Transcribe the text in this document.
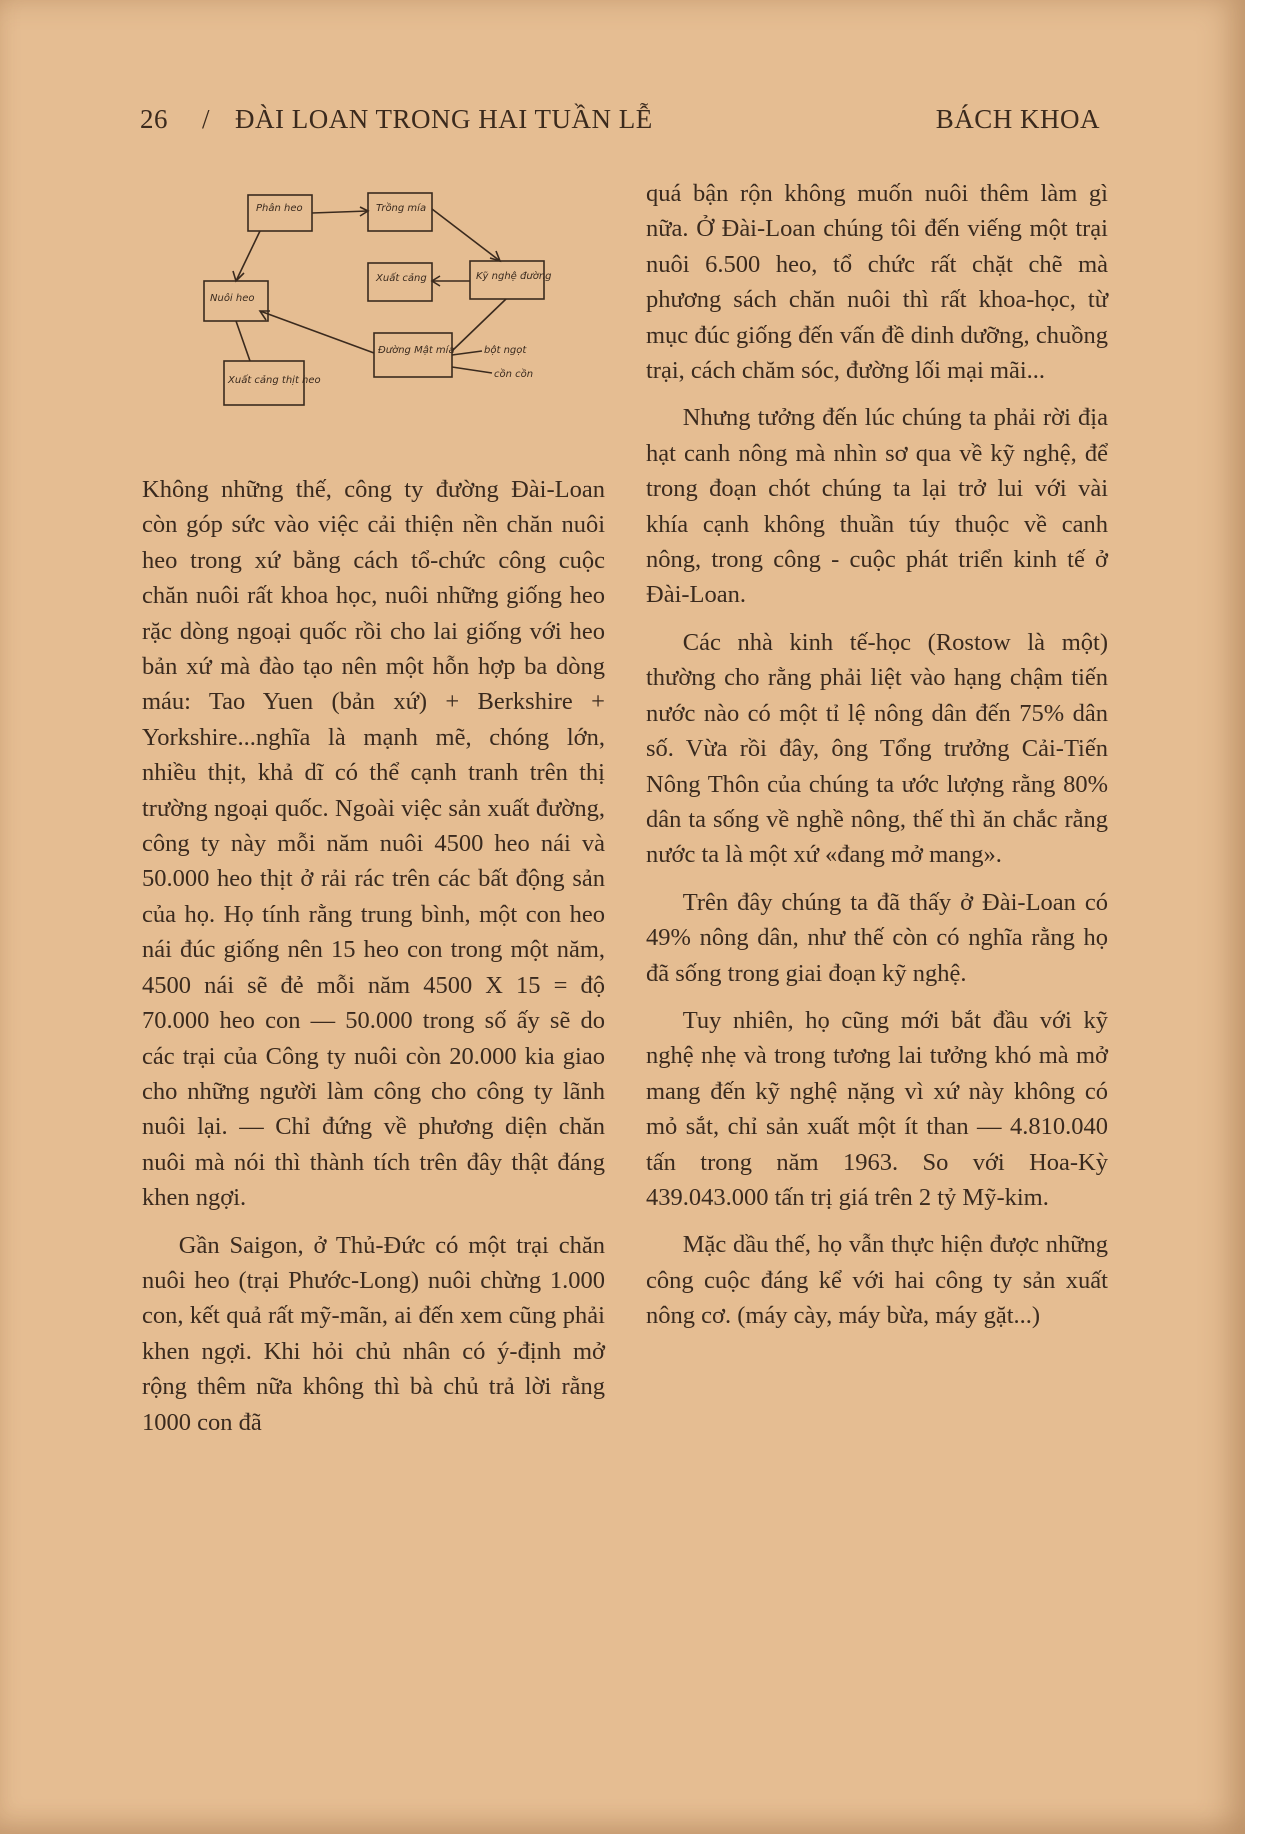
26 / ĐÀI LOAN TRONG HAI TUẦN LỄ	BÁCH KHOA
Phân heo	Trồng mía
Nuôi heo
Xuất cảng	Kỹ nghệ đường
Xuất cảng thịt heo
Đường Mật mía	bột ngọt
cồn cồn

Không những thế, công ty đường Đài-Loan còn góp sức vào việc cải thiện nền chăn nuôi heo trong xứ bằng cách tổ-chức công cuộc chăn nuôi rất khoa học, nuôi những giống heo rặc dòng ngoại quốc rồi cho lai giống với heo bản xứ mà đào tạo nên một hỗn hợp ba dòng máu: Tao Yuen (bản xứ) + Berkshire + Yorkshire...nghĩa là mạnh mẽ, chóng lớn, nhiều thịt, khả dĩ có thể cạnh tranh trên thị trường ngoại quốc. Ngoài việc sản xuất đường, công ty này mỗi năm nuôi 4500 heo nái và 50.000 heo thịt ở rải rác trên các bất động sản của họ. Họ tính rằng trung bình, một con heo nái đúc giống nên 15 heo con trong một năm, 4500 nái sẽ đẻ mỗi năm 4500 X 15 = độ 70.000 heo con — 50.000 trong số ấy sẽ do các trại của Công ty nuôi còn 20.000 kia giao cho những người làm công cho công ty lãnh nuôi lại. — Chỉ đứng về phương diện chăn nuôi mà nói thì thành tích trên đây thật đáng khen ngợi.

Gần Saigon, ở Thủ-Đức có một trại chăn nuôi heo (trại Phước-Long) nuôi chừng 1.000 con, kết quả rất mỹ-mãn, ai đến xem cũng phải khen ngợi. Khi hỏi chủ nhân có ý-định mở rộng thêm nữa không thì bà chủ trả lời rằng 1000 con đã

quá bận rộn không muốn nuôi thêm làm gì nữa. Ở Đài-Loan chúng tôi đến viếng một trại nuôi 6.500 heo, tổ chức rất chặt chẽ mà phương sách chăn nuôi thì rất khoa-học, từ mục đúc giống đến vấn đề dinh dưỡng, chuồng trại, cách chăm sóc, đường lối mại mãi...

Nhưng tưởng đến lúc chúng ta phải rời địa hạt canh nông mà nhìn sơ qua về kỹ nghệ, để trong đoạn chót chúng ta lại trở lui với vài khía cạnh không thuần túy thuộc về canh nông, trong công - cuộc phát triển kinh tế ở Đài-Loan.

Các nhà kinh tế-học (Rostow là một) thường cho rằng phải liệt vào hạng chậm tiến nước nào có một tỉ lệ nông dân đến 75% dân số. Vừa rồi đây, ông Tổng trưởng Cải-Tiến Nông Thôn của chúng ta ước lượng rằng 80% dân ta sống về nghề nông, thế thì ăn chắc rằng nước ta là một xứ «đang mở mang».

Trên đây chúng ta đã thấy ở Đài-Loan có 49% nông dân, như thế còn có nghĩa rằng họ đã sống trong giai đoạn kỹ nghệ.

Tuy nhiên, họ cũng mới bắt đầu với kỹ nghệ nhẹ và trong tương lai tưởng khó mà mở mang đến kỹ nghệ nặng vì xứ này không có mỏ sắt, chỉ sản xuất một ít than — 4.810.040 tấn trong năm 1963. So với Hoa-Kỳ 439.043.000 tấn trị giá trên 2 tỷ Mỹ-kim.

Mặc dầu thế, họ vẫn thực hiện được những công cuộc đáng kể với hai công ty sản xuất nông cơ. (máy cày, máy bừa, máy gặt...)
